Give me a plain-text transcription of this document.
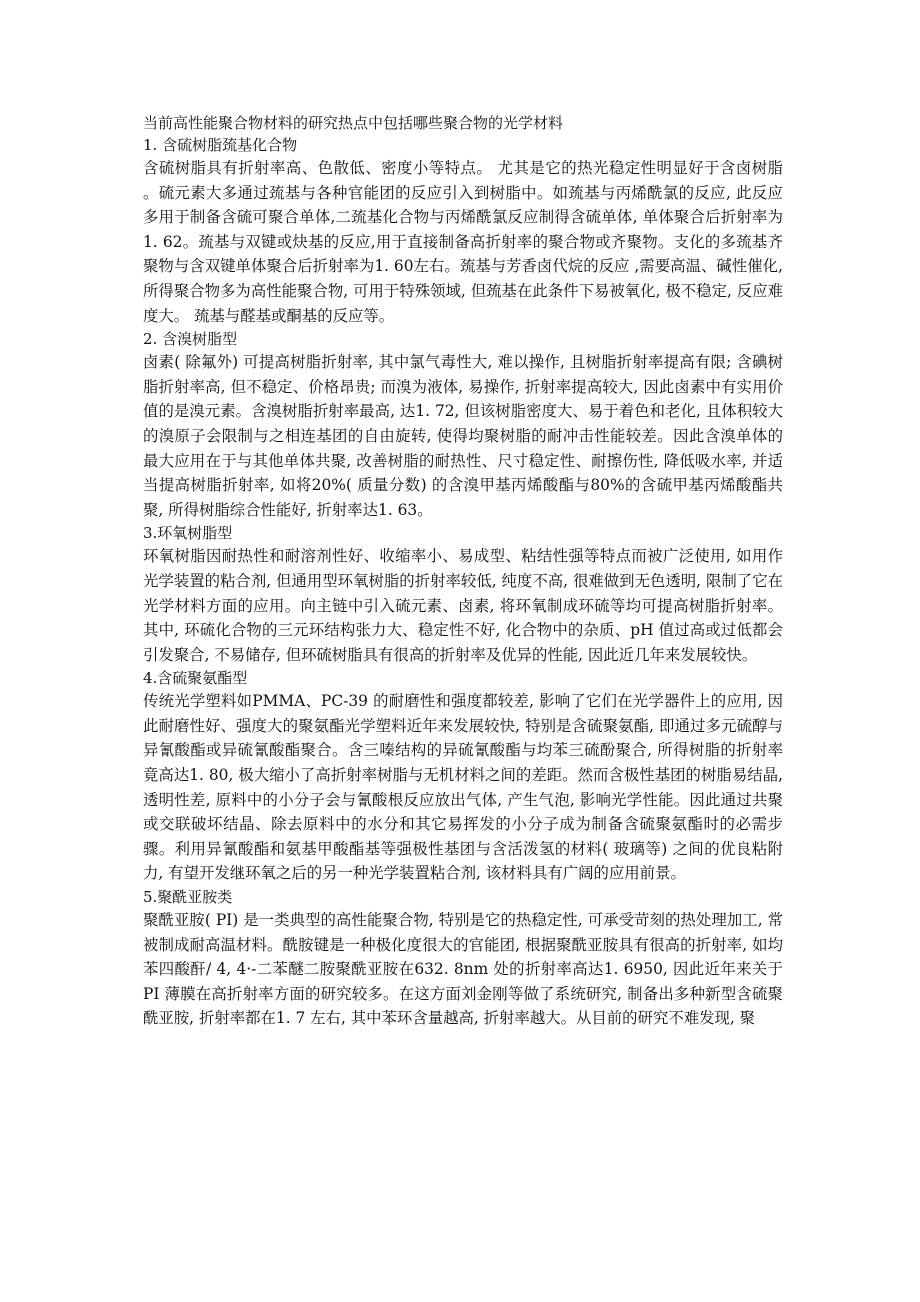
当前高性能聚合物材料的研究热点中包括哪些聚合物的光学材料

1. 含硫树脂巯基化合物

含硫树脂具有折射率高、色散低、密度小等特点。 尤其是它的热光稳定性明显好于含卤树脂 。硫元素大多通过巯基与各种官能团的反应引入到树脂中。如巯基与丙烯酰氯的反应, 此反应多用于制备含硫可聚合单体,二巯基化合物与丙烯酰氯反应制得含硫单体, 单体聚合后折射率为1. 62。巯基与双键或炔基的反应,用于直接制备高折射率的聚合物或齐聚物。支化的多巯基齐聚物与含双键单体聚合后折射率为1. 60左右。巯基与芳香卤代烷的反应 ,需要高温、碱性催化, 所得聚合物多为高性能聚合物, 可用于特殊领域, 但巯基在此条件下易被氧化, 极不稳定, 反应难度大。 巯基与醛基或酮基的反应等。

2. 含溴树脂型

卤素( 除氟外) 可提高树脂折射率, 其中氯气毒性大, 难以操作, 且树脂折射率提高有限; 含碘树脂折射率高, 但不稳定、价格昂贵; 而溴为液体, 易操作, 折射率提高较大, 因此卤素中有实用价值的是溴元素。含溴树脂折射率最高, 达1. 72, 但该树脂密度大、易于着色和老化, 且体积较大的溴原子会限制与之相连基团的自由旋转, 使得均聚树脂的耐冲击性能较差。因此含溴单体的最大应用在于与其他单体共聚, 改善树脂的耐热性、尺寸稳定性、耐擦伤性, 降低吸水率, 并适当提高树脂折射率, 如将20%( 质量分数) 的含溴甲基丙烯酸酯与80%的含硫甲基丙烯酸酯共聚, 所得树脂综合性能好, 折射率达1. 63。

3.环氧树脂型

环氧树脂因耐热性和耐溶剂性好、收缩率小、易成型、粘结性强等特点而被广泛使用, 如用作光学装置的粘合剂, 但通用型环氧树脂的折射率较低, 纯度不高, 很难做到无色透明, 限制了它在光学材料方面的应用。向主链中引入硫元素、卤素, 将环氧制成环硫等均可提高树脂折射率。其中, 环硫化合物的三元环结构张力大、稳定性不好, 化合物中的杂质、pH 值过高或过低都会引发聚合, 不易储存, 但环硫树脂具有很高的折射率及优异的性能, 因此近几年来发展较快。

4.含硫聚氨酯型

传统光学塑料如PMMA、PC-39 的耐磨性和强度都较差, 影响了它们在光学器件上的应用, 因此耐磨性好、强度大的聚氨酯光学塑料近年来发展较快, 特别是含硫聚氨酯, 即通过多元硫醇与异氰酸酯或异硫氰酸酯聚合。含三嗪结构的异硫氰酸酯与均苯三硫酚聚合, 所得树脂的折射率竟高达1. 80, 极大缩小了高折射率树脂与无机材料之间的差距。然而含极性基团的树脂易结晶, 透明性差, 原料中的小分子会与氰酸根反应放出气体, 产生气泡, 影响光学性能。因此通过共聚或交联破坏结晶、除去原料中的水分和其它易挥发的小分子成为制备含硫聚氨酯时的必需步骤。利用异氰酸酯和氨基甲酸酯基等强极性基团与含活泼氢的材料( 玻璃等) 之间的优良粘附力, 有望开发继环氧之后的另一种光学装置粘合剂, 该材料具有广阔的应用前景。

5.聚酰亚胺类

聚酰亚胺( PI) 是一类典型的高性能聚合物, 特别是它的热稳定性, 可承受苛刻的热处理加工, 常被制成耐高温材料。酰胺键是一种极化度很大的官能团, 根据聚酰亚胺具有很高的折射率, 如均苯四酸酐/ 4, 4·-二苯醚二胺聚酰亚胺在632. 8nm 处的折射率高达1. 6950, 因此近年来关于PI 薄膜在高折射率方面的研究较多。在这方面刘金刚等做了系统研究, 制备出多种新型含硫聚酰亚胺, 折射率都在1. 7 左右, 其中苯环含量越高, 折射率越大。从目前的研究不难发现, 聚
